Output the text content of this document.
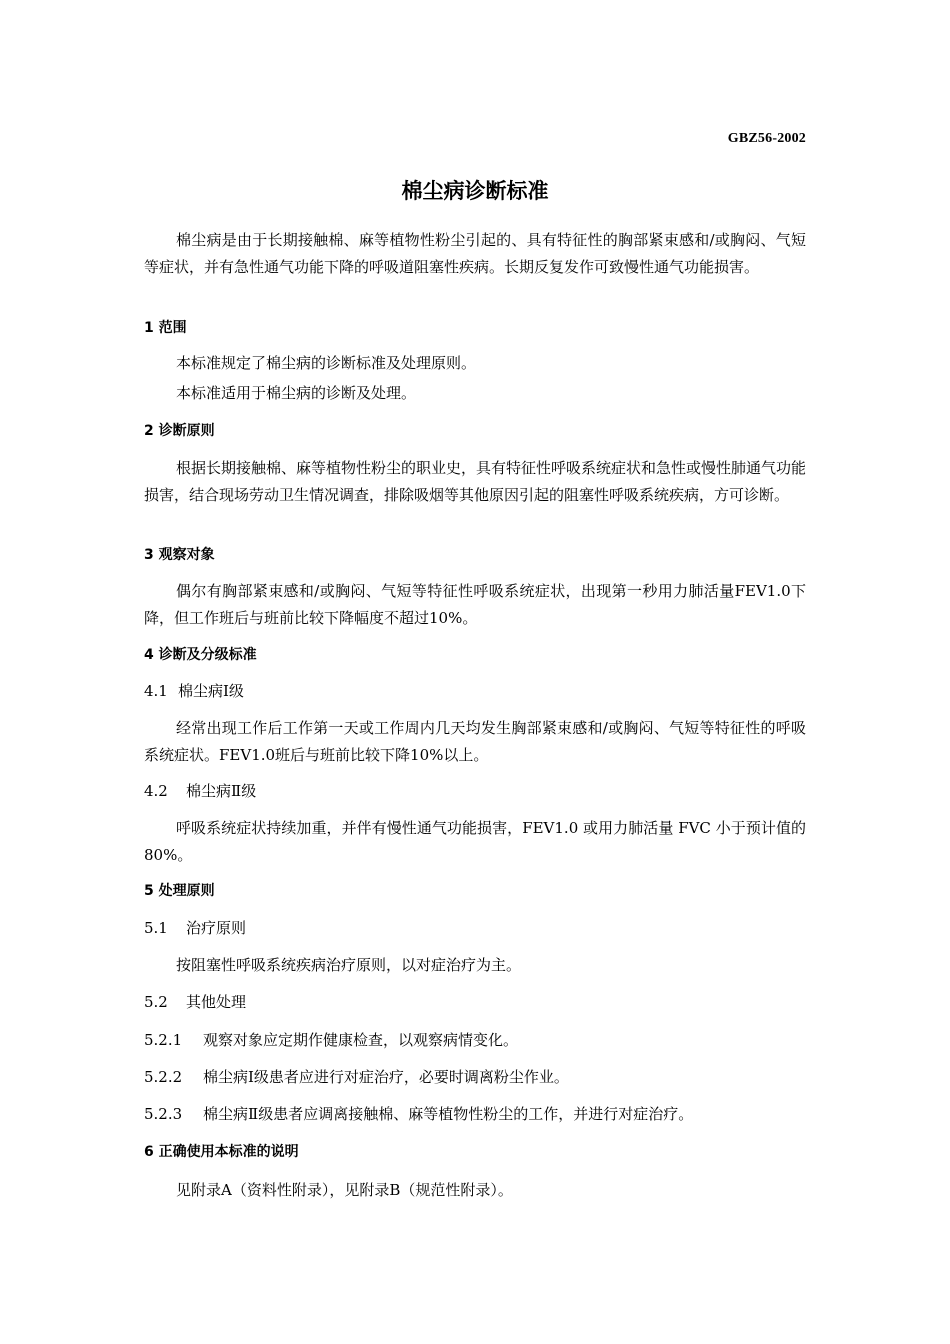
GBZ56-2002
棉尘病诊断标准

棉尘病是由于长期接触棉、麻等植物性粉尘引起的、具有特征性的胸部紧束感和/或胸闷、气短等症状，并有急性通气功能下降的呼吸道阻塞性疾病。长期反复发作可致慢性通气功能损害。

1 范围
本标准规定了棉尘病的诊断标准及处理原则。
本标准适用于棉尘病的诊断及处理。
2 诊断原则

根据长期接触棉、麻等植物性粉尘的职业史，具有特征性呼吸系统症状和急性或慢性肺通气功能损害，结合现场劳动卫生情况调查，排除吸烟等其他原因引起的阻塞性呼吸系统疾病，方可诊断。

3 观察对象

偶尔有胸部紧束感和/或胸闷、气短等特征性呼吸系统症状，出现第一秒用力肺活量FEV1.0下降，但工作班后与班前比较下降幅度不超过10%。

4 诊断及分级标准
4.1 棉尘病Ⅰ级

经常出现工作后工作第一天或工作周内几天均发生胸部紧束感和/或胸闷、气短等特征性的呼吸系统症状。FEV1.0班后与班前比较下降10%以上。

4.2 棉尘病Ⅱ级

呼吸系统症状持续加重，并伴有慢性通气功能损害，FEV1.0 或用力肺活量 FVC 小于预计值的80%。

5 处理原则
5.1 治疗原则
按阻塞性呼吸系统疾病治疗原则，以对症治疗为主。
5.2 其他处理
5.2.1 观察对象应定期作健康检查，以观察病情变化。
5.2.2 棉尘病Ⅰ级患者应进行对症治疗，必要时调离粉尘作业。
5.2.3 棉尘病Ⅱ级患者应调离接触棉、麻等植物性粉尘的工作，并进行对症治疗。
6 正确使用本标准的说明
见附录A（资料性附录），见附录B（规范性附录）。
